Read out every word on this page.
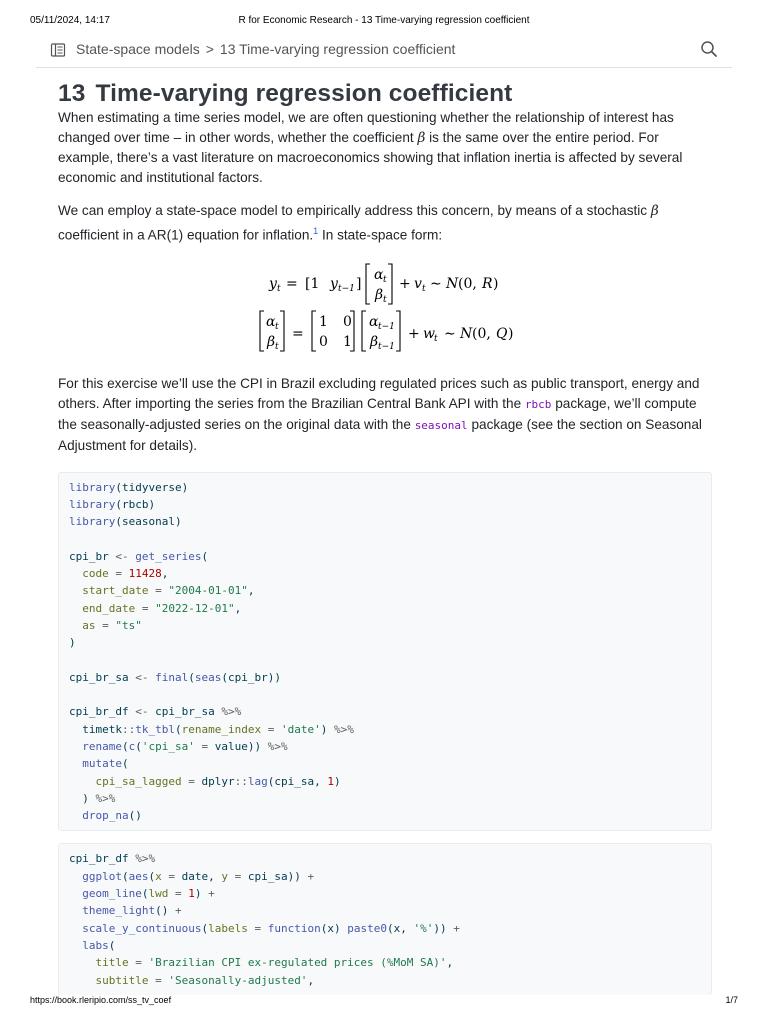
05/11/2024, 14:17	R for Economic Research - 13 Time-varying regression coefficient
State-space models > 13 Time-varying regression coefficient
13 Time-varying regression coefficient

When estimating a time series model, we are often questioning whether the relationship of interest has changed over time – in other words, whether the coefficient β is the same over the entire period. For example, there’s a vast literature on macroeconomics showing that inflation inertia is affected by several economic and institutional factors.

We can employ a state-space model to empirically address this concern, by means of a stochastic β coefficient in a AR(1) equation for inflation.$^1$ In state-space form:

y t = [1 y t−1 ]
α t
β t
+ v t ∼ N (0, R )
α t
β t
=
1 0
0 1
α t−1
β t−1
+ w t ∼ N (0, Q )

For this exercise we’ll use the CPI in Brazil excluding regulated prices such as public transport, energy and others. After importing the series from the Brazilian Central Bank API with the rbcb package, we’ll compute the seasonally-adjusted series on the original data with the seasonal package (see the section on Seasonal Adjustment for details).

library(tidyverse)
library(rbcb)
library(seasonal)

cpi_br <- get_series(
code = 11428,
start_date = "2004-01-01",
end_date = "2022-12-01",
as = "ts"
)

cpi_br_sa <- final(seas(cpi_br))

cpi_br_df <- cpi_br_sa %>%
timetk::tk_tbl(rename_index = 'date') %>%
rename(c('cpi_sa' = value)) %>%
mutate(
cpi_sa_lagged = dplyr::lag(cpi_sa, 1)
) %>%
drop_na()
cpi_br_df %>%
ggplot(aes(x = date, y = cpi_sa)) +
geom_line(lwd = 1) +
theme_light() +
scale_y_continuous(labels = function(x) paste0(x, '%')) +
labs(
title = 'Brazilian CPI ex-regulated prices (%MoM SA)',
subtitle = 'Seasonally-adjusted',
https://book.rleripio.com/ss_tv_coef	1/7
